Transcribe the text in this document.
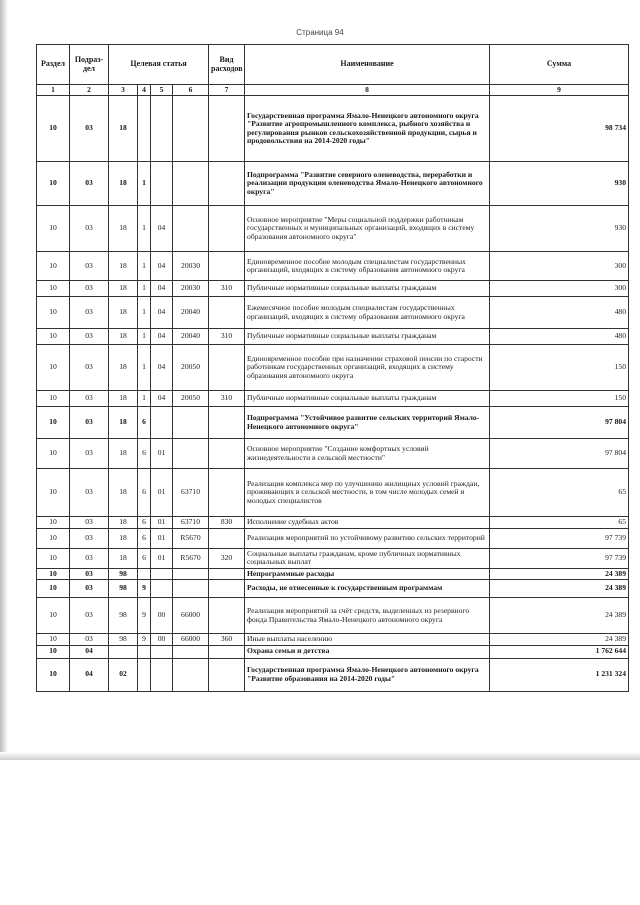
Страница 94
Раздел	Подраз-дел	Целевая статья				Вид расходов	Наименование	Сумма
1	2	3	4	5	6	7	8	9
10	03	18					Государственная программа Ямало-Ненецкого автономного округа "Развитие агропромышленного комплекса, рыбного хозяйства и регулирования рынков сельскохозяйственной продукции, сырья и продовольствия на 2014-2020 годы"	98 734
10	03	18	1				Подпрограмма "Развитие северного оленеводства, переработки и реализации продукции оленеводства Ямало-Ненецкого автономного округа"	930
10	03	18	1	04			Основное мероприятие "Меры социальной поддержки работникам государственных и муниципальных организаций, входящих в систему образования автономного округа"	930
10	03	18	1	04	20030		Единовременное пособие молодым специалистам государственных организаций, входящих в систему образования автономного округа	300
10	03	18	1	04	20030	310	Публичные нормативные социальные выплаты гражданам	300
10	03	18	1	04	20040		Ежемесячное пособие молодым специалистам государственных организаций, входящих в систему образования автономного округа	480
10	03	18	1	04	20040	310	Публичные нормативные социальные выплаты гражданам	480
10	03	18	1	04	20050		Единовременное пособие при назначении страховой пенсии по старости работникам государственных организаций, входящих в систему образования автономного округа	150
10	03	18	1	04	20050	310	Публичные нормативные социальные выплаты гражданам	150
10	03	18	6				Подпрограмма "Устойчивое развитие сельских территорий Ямало-Ненецкого автономного округа"	97 804
10	03	18	6	01			Основное мероприятие "Создание комфортных условий жизнедеятельности в сельской местности"	97 804
10	03	18	6	01	63710		Реализация комплекса мер по улучшению жилищных условий граждан, проживающих в сельской местности, в том числе молодых семей и молодых специалистов	65
10	03	18	6	01	63710	830	Исполнение судебных актов	65
10	03	18	6	01	R5670		Реализация мероприятий по устойчивому развитию сельских территорий	97 739
10	03	18	6	01	R5670	320	Социальные выплаты гражданам, кроме публичных нормативных социальных выплат	97 739
10	03	98					Непрограммные расходы	24 389
10	03	98	9				Расходы, не отнесенные к государственным программам	24 389
10	03	98	9	00	66000		Реализация мероприятий за счёт средств, выделенных из резервного фонда Правительства Ямало-Ненецкого автономного округа	24 389
10	03	98	9	00	66000	360	Иные выплаты населению	24 389
10	04						Охрана семьи и детства	1 762 644
10	04	02					Государственная программа Ямало-Ненецкого автономного округа "Развитие образования на 2014-2020 годы"	1 231 324
